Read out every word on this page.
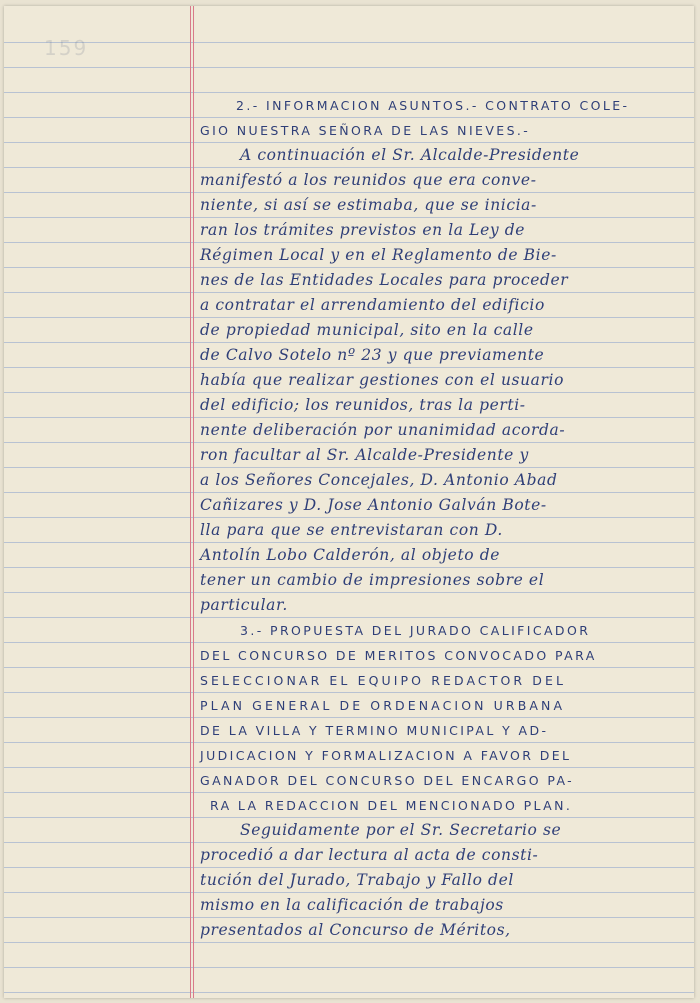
159
2.- INFORMACION ASUNTOS.- CONTRATO COLE-
GIO NUESTRA SEÑORA DE LAS NIEVES.-
A continuación el Sr. Alcalde-Presidente
manifestó a los reunidos que era conve-
niente, si así se estimaba, que se inicia-
ran los trámites previstos en la Ley de
Régimen Local y en el Reglamento de Bie-
nes de las Entidades Locales para proceder
a contratar el arrendamiento del edificio
de propiedad municipal, sito en la calle
de Calvo Sotelo nº 23 y que previamente
había que realizar gestiones con el usuario
del edificio; los reunidos, tras la perti-
nente deliberación por unanimidad acorda-
ron facultar al Sr. Alcalde-Presidente y
a los Señores Concejales, D. Antonio Abad
Cañizares y D. Jose Antonio Galván Bote-
lla para que se entrevistaran con D.
Antolín Lobo Calderón, al objeto de
tener un cambio de impresiones sobre el
particular.
3.- PROPUESTA DEL JURADO CALIFICADOR
DEL CONCURSO DE MERITOS CONVOCADO PARA
SELECCIONAR EL EQUIPO REDACTOR DEL
PLAN GENERAL DE ORDENACION URBANA
DE LA VILLA Y TERMINO MUNICIPAL Y AD-
JUDICACION Y FORMALIZACION A FAVOR DEL
GANADOR DEL CONCURSO DEL ENCARGO PA-
RA LA REDACCION DEL MENCIONADO PLAN.
Seguidamente por el Sr. Secretario se
procedió a dar lectura al acta de consti-
tución del Jurado, Trabajo y Fallo del
mismo en la calificación de trabajos
presentados al Concurso de Méritos,
